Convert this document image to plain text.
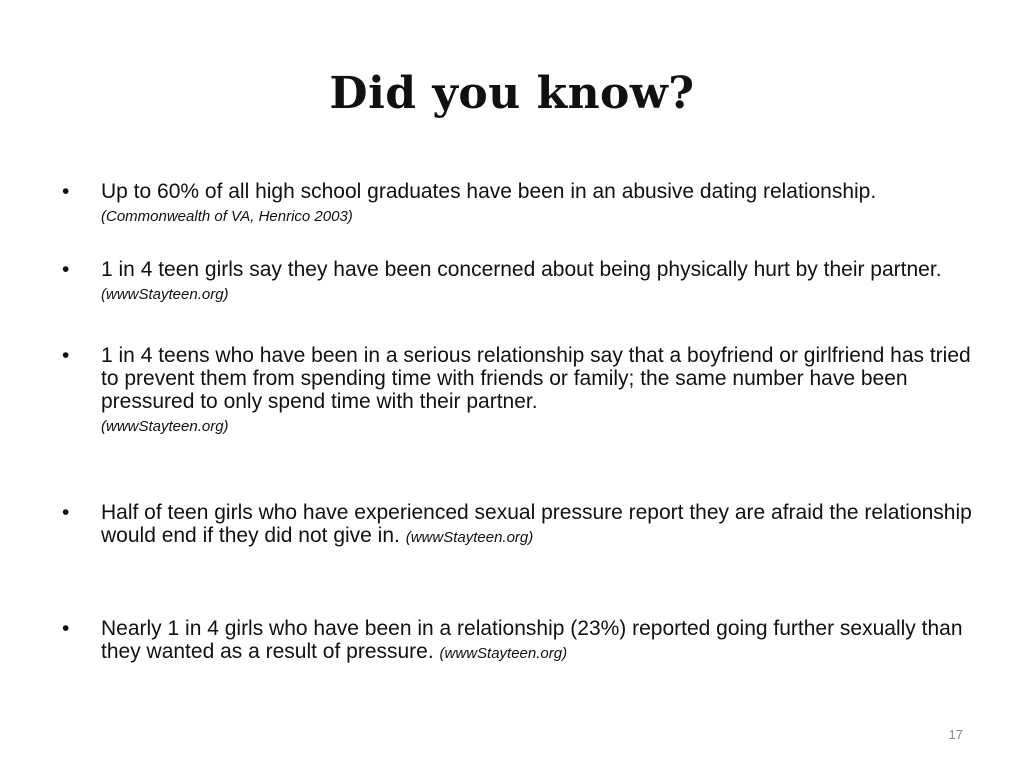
Did you know?
• Up to 60% of all high school graduates have been in an abusive dating relationship.
(Commonwealth of VA, Henrico 2003)
• 1 in 4 teen girls say they have been concerned about being physically hurt by their partner. (wwwStayteen.org)
• 1 in 4 teens who have been in a serious relationship say that a boyfriend or girlfriend has tried to prevent them from spending time with friends or family; the same number have been pressured to only spend time with their partner.
(wwwStayteen.org)
• Half of teen girls who have experienced sexual pressure report they are afraid the relationship would end if they did not give in. (wwwStayteen.org)
• Nearly 1 in 4 girls who have been in a relationship (23%) reported going further sexually than they wanted as a result of pressure. (wwwStayteen.org)
17
